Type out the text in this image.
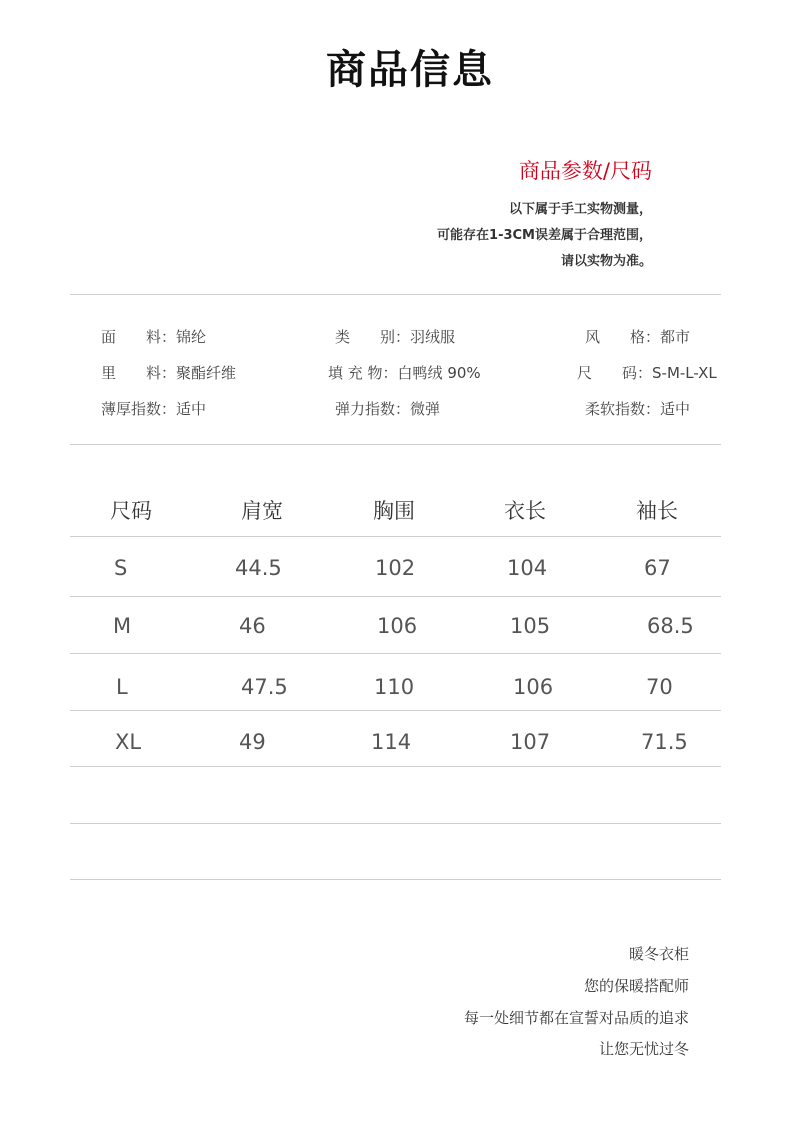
商品信息
商品参数/尺码
以下属于手工实物测量，
可能存在1-3CM误差属于合理范围，
请以实物为准。
面　　料：锦纶	类　　别：羽绒服	风　　格：都市
里　　料：聚酯纤维	填 充 物：白鸭绒 90%	尺　　码：S-M-L-XL
薄厚指数：适中	弹力指数：微弹	柔软指数：适中
尺码	肩宽	胸围	衣长	袖长
S	44.5	102	104	67
M	46	106	105	68.5
L	47.5	110	106	70
XL	49	114	107	71.5
暖冬衣柜
您的保暖搭配师
每一处细节都在宣誓对品质的追求
让您无忧过冬
